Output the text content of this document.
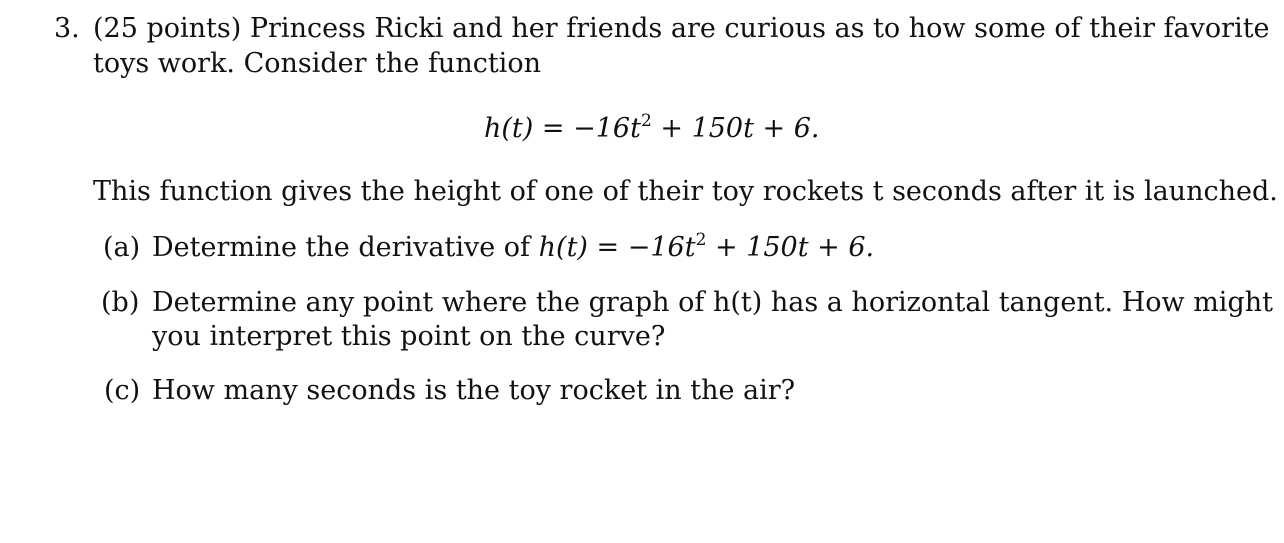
3. (25 points) Princess Ricki and her friends are curious as to how some of their favorite
toys work. Consider the function
$h(t) = -16t^2 + 150t + 6$.
This function gives the height of one of their toy rockets t seconds after it is launched.
(a) Determine the derivative of $h(t) = -16t^2 + 150t + 6$.
(b) Determine any point where the graph of h(t) has a horizontal tangent. How might
you interpret this point on the curve?
(c) How many seconds is the toy rocket in the air?
